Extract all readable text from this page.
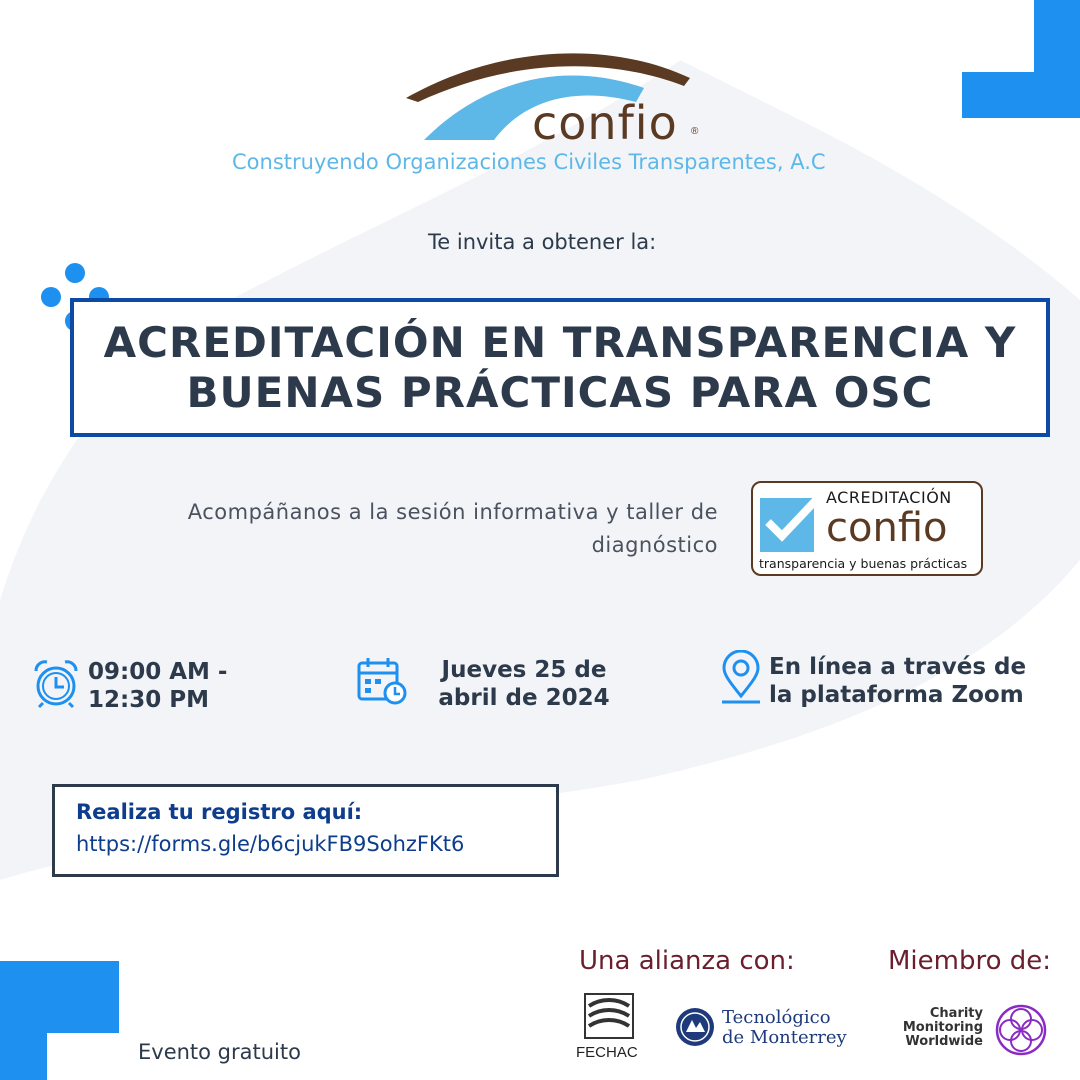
confio ®
Construyendo Organizaciones Civiles Transparentes, A.C
Te invita a obtener la:
ACREDITACIÓN EN TRANSPARENCIA Y
BUENAS PRÁCTICAS PARA OSC
Acompáñanos a la sesión informativa y taller de
diagnóstico
ACREDITACIÓN
confio
transparencia y buenas prácticas
09:00 AM -
12:30 PM
Jueves 25 de
abril de 2024
En línea a través de
la plataforma Zoom
Realiza tu registro aquí:
https://forms.gle/b6cjukFB9SohzFKt6
Una alianza con:	Miembro de:
FECHAC
Tecnológico
de Monterrey
Charity
Monitoring
Worldwide
Evento gratuito
